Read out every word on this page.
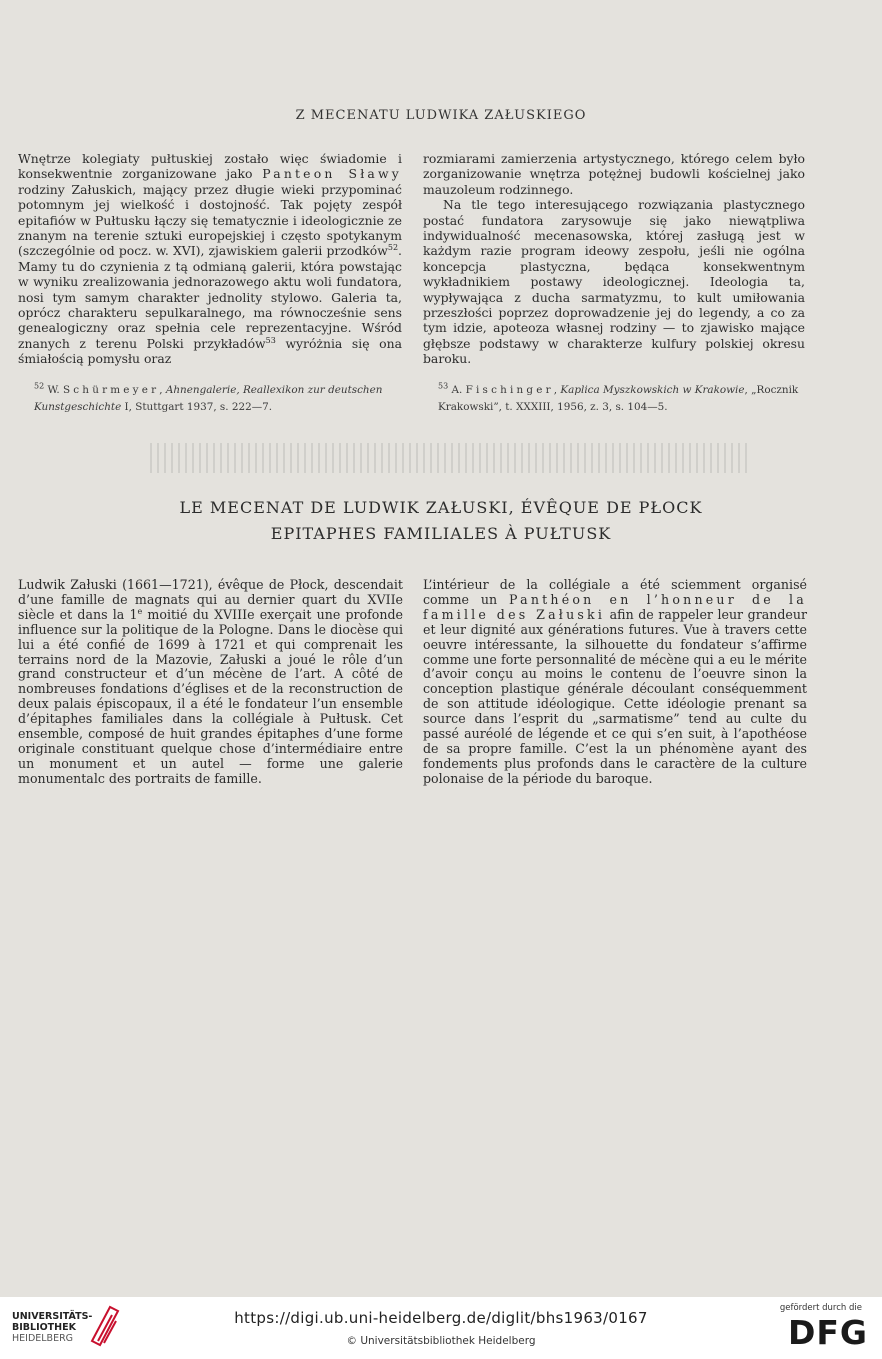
Z MECENATU LUDWIKA ZAŁUSKIEGO

Wnętrze kolegiaty pułtuskiej zostało więc świadomie i konsekwentnie zorganizowane jako Panteon Sławy rodziny Załuskich, mający przez długie wieki przypominać potomnym jej wielkość i dostojność. Tak pojęty zespół epitafiów w Pułtusku łączy się tematycznie i ideologicznie ze znanym na terenie sztuki europejskiej i często spotykanym (szczególnie od pocz. w. XVI), zjawiskiem galerii przodków$^{52}$. Mamy tu do czynienia z tą odmianą galerii, która powstając w wyniku zrealizowania jednorazowego aktu woli fundatora, nosi tym samym charakter jednolity stylowo. Galeria ta, oprócz charakteru sepulkaralnego, ma równocześnie sens genealogiczny oraz spełnia cele reprezentacyjne. Wśród znanych z terenu Polski przykładów$^{53}$ wyróżnia się ona śmiałością pomysłu oraz

rozmiarami zamierzenia artystycznego, którego celem było zorganizowanie wnętrza potężnej budowli kościelnej jako mauzoleum rodzinnego.

Na tle tego interesującego rozwiązania plastycznego postać fundatora zarysowuje się jako niewątpliwa indywidualność mecenasowska, której zasługą jest w każdym razie program ideowy zespołu, jeśli nie ogólna koncepcja plastyczna, będąca konsekwentnym wykładnikiem postawy ideologicznej. Ideologia ta, wypływająca z ducha sarmatyzmu, to kult umiłowania przeszłości poprzez doprowadzenie jej do legendy, a co za tym idzie, apoteoza własnej rodziny — to zjawisko mające głębsze podstawy w charakterze kulfury polskiej okresu baroku.

$^{52}$ W. Schürmeyer, Ahnengalerie, Reallexikon zur deutschen Kunstgeschichte I, Stuttgart 1937, s. 222—7.
$^{53}$ A. Fischinger, Kaplica Myszkowskich w Krakowie, „Rocznik Krakowski”, t. XXXIII, 1956, z. 3, s. 104—5.
LE MECENAT DE LUDWIK ZAŁUSKI, ÉVÊQUE DE PŁOCK
EPITAPHES FAMILIALES À PUŁTUSK

Ludwik Załuski (1661—1721), évêque de Płock, descendait d’une famille de magnats qui au dernier quart du XVIIe siècle et dans la 1e moitié du XVIIIe exerçait une profonde influence sur la politique de la Pologne. Dans le diocèse qui lui a été confié de 1699 à 1721 et qui comprenait les terrains nord de la Mazovie, Załuski a joué le rôle d’un grand constructeur et d’un mécène de l’art. A côté de nombreuses fondations d’églises et de la reconstruction de deux palais épiscopaux, il a été le fondateur l’un ensemble d’épitaphes familiales dans la collégiale à Pułtusk. Cet ensemble, composé de huit grandes épitaphes d’une forme originale constituant quelque chose d’intermédiaire entre un monument et un autel — forme une galerie monumentalc des portraits de famille.

L’intérieur de la collégiale a été sciemment organisé comme un Panthéon en l’honneur de la famille des Załuski afin de rappeler leur grandeur et leur dignité aux générations futures. Vue à travers cette oeuvre intéressante, la silhouette du fondateur s’affirme comme une forte personnalité de mécène qui a eu le mérite d’avoir conçu au moins le contenu de l’oeuvre sinon la conception plastique générale découlant conséquemment de son attitude idéologique. Cette idéologie prenant sa source dans l’esprit du „sarmatisme” tend au culte du passé auréolé de légende et ce qui s’en suit, à l’apothéose de sa propre famille. C’est la un phénomène ayant des fondements plus profonds dans le caractère de la culture polonaise de la période du baroque.

UNIVERSITÄTS-
BIBLIOTHEK
HEIDELBERG
https://digi.ub.uni-heidelberg.de/diglit/bhs1963/0167
© Universitätsbibliothek Heidelberg
gefördert durch die
DFG
